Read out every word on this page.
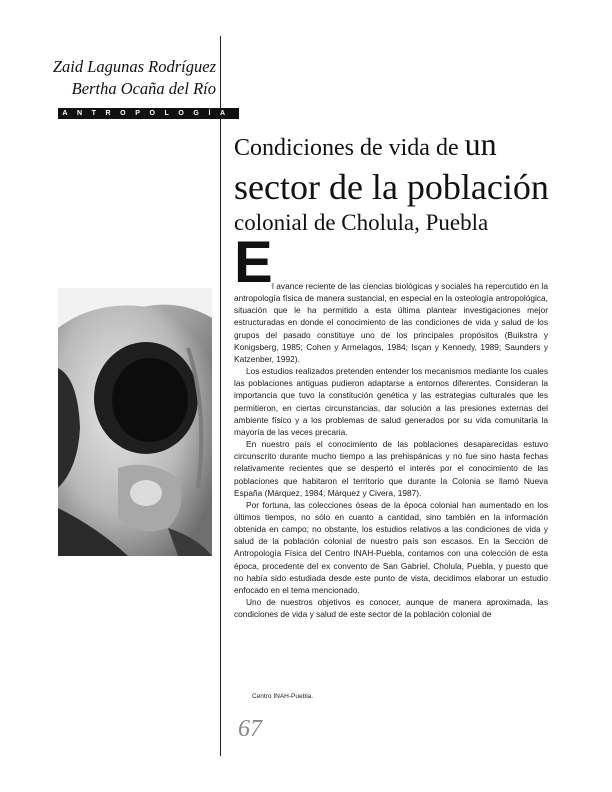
Zaid Lagunas Rodríguez
Bertha Ocaña del Río
ANTROPOLOGÍA
Condiciones de vida de un
sector de la población
colonial de Cholula, Puebla
E l avance reciente de las ciencias biológicas y sociales ha repercutido en la antropología física de manera sustancial, en especial en la osteología antropológica, situación que le ha permitido a esta última plantear investigaciones mejor estructuradas en donde el conocimiento de las condiciones de vida y salud de los grupos del pasado constituye uno de los principales propósitos (Buikstra y Konigsberg, 1985; Cohen y Armelagos, 1984; Isçan y Kennedy, 1989; Saunders y Katzenber, 1992).

Los estudios realizados pretenden entender los mecanismos mediante los cuales las poblaciones antiguas pudieron adaptarse a entornos diferentes. Consideran la importancia que tuvo la constitución genética y las estrategias culturales que les permitieron, en ciertas circunstancias, dar solución a las presiones externas del ambiente físico y a los problemas de salud generados por su vida comunitaria la mayoría de las veces precaria.

En nuestro país el conocimiento de las poblaciones desaparecidas estuvo circunscrito durante mucho tiempo a las prehispánicas y no fue sino hasta fechas relativamente recientes que se despertó el interés por el conocimiento de las poblaciones que habitaron el territorio que durante la Colonia se llamó Nueva España (Márquez, 1984; Márquez y Civera, 1987).

Por fortuna, las colecciones óseas de la época colonial han aumentado en los últimos tiempos, no sólo en cuanto a cantidad, sino también en la información obtenida en campo; no obstante, los estudios relativos a las condiciones de vida y salud de la población colonial de nuestro país son escasos. En la Sección de Antropología Física del Centro INAH-Puebla, contamos con una colección de esta época, procedente del ex convento de San Gabriel, Cholula, Puebla, y puesto que no había sido estudiada desde este punto de vista, decidimos elaborar un estudio enfocado en el tema mencionado.

Uno de nuestros objetivos es conocer, aunque de manera aproximada, las condiciones de vida y salud de este sector de la población colonial de

Centro INAH-Puebla.
67
